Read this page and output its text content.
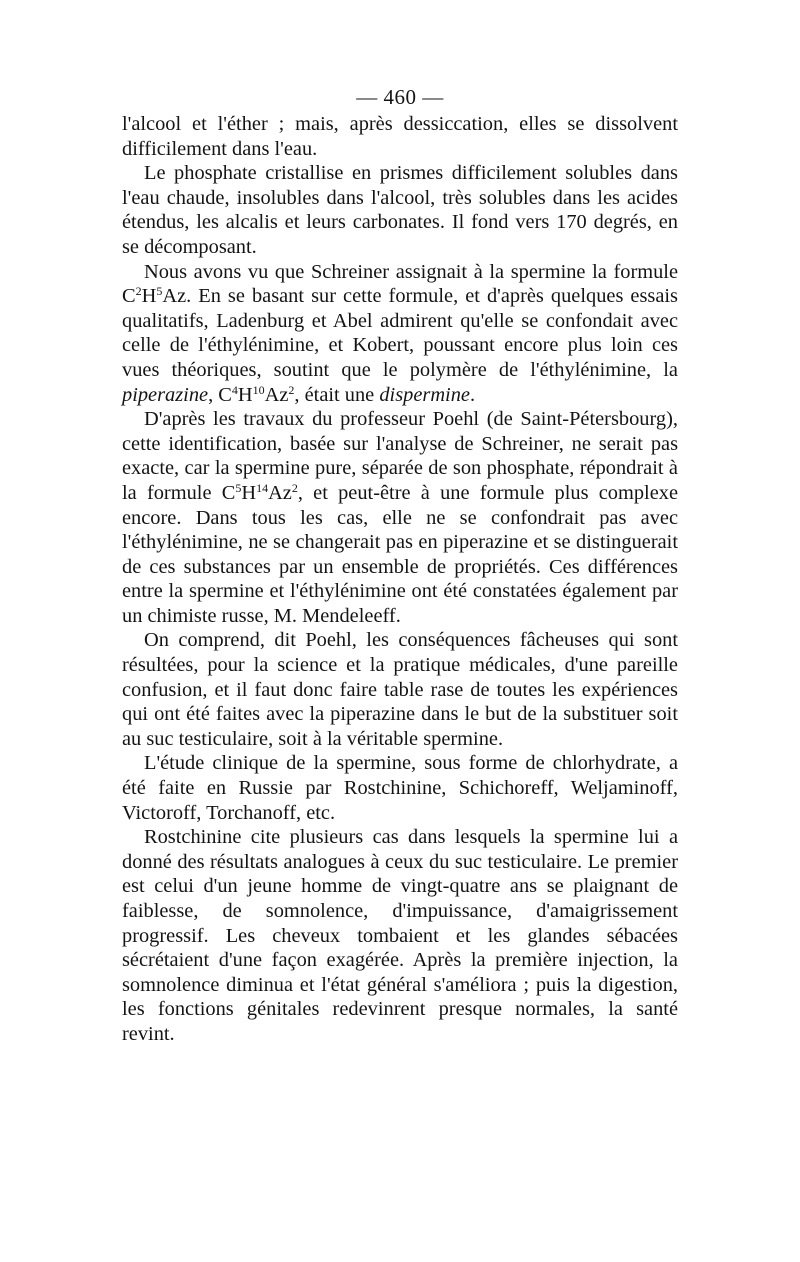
— 460 —

l'alcool et l'éther ; mais, après dessiccation, elles se dissolvent difficilement dans l'eau.

Le phosphate cristallise en prismes difficilement solubles dans l'eau chaude, insolubles dans l'alcool, très solubles dans les acides étendus, les alcalis et leurs carbonates. Il fond vers 170 degrés, en se décomposant.

Nous avons vu que Schreiner assignait à la spermine la formule $C^2H^5Az$. En se basant sur cette formule, et d'après quelques essais qualitatifs, Ladenburg et Abel admirent qu'elle se confondait avec celle de l'éthylénimine, et Kobert, poussant encore plus loin ces vues théoriques, soutint que le polymère de l'éthylénimine, la piperazine, $C^4H^{10}Az^2$, était une dispermine.

D'après les travaux du professeur Poehl (de Saint-Pétersbourg), cette identification, basée sur l'analyse de Schreiner, ne serait pas exacte, car la spermine pure, séparée de son phosphate, répondrait à la formule $C^5H^{14}Az^2$, et peut-être à une formule plus complexe encore. Dans tous les cas, elle ne se confondrait pas avec l'éthylénimine, ne se changerait pas en piperazine et se distinguerait de ces substances par un ensemble de propriétés. Ces différences entre la spermine et l'éthylénimine ont été constatées également par un chimiste russe, M. Mendeleeff.

On comprend, dit Poehl, les conséquences fâcheuses qui sont résultées, pour la science et la pratique médicales, d'une pareille confusion, et il faut donc faire table rase de toutes les expériences qui ont été faites avec la piperazine dans le but de la substituer soit au suc testiculaire, soit à la véritable spermine.

L'étude clinique de la spermine, sous forme de chlorhydrate, a été faite en Russie par Rostchinine, Schichoreff, Weljaminoff, Victoroff, Torchanoff, etc.

Rostchinine cite plusieurs cas dans lesquels la spermine lui a donné des résultats analogues à ceux du suc testiculaire. Le premier est celui d'un jeune homme de vingt-quatre ans se plaignant de faiblesse, de somnolence, d'impuissance, d'amaigrissement progressif. Les cheveux tombaient et les glandes sébacées sécrétaient d'une façon exagérée. Après la première injection, la somnolence diminua et l'état général s'améliora ; puis la digestion, les fonctions génitales redevinrent presque normales, la santé revint.
